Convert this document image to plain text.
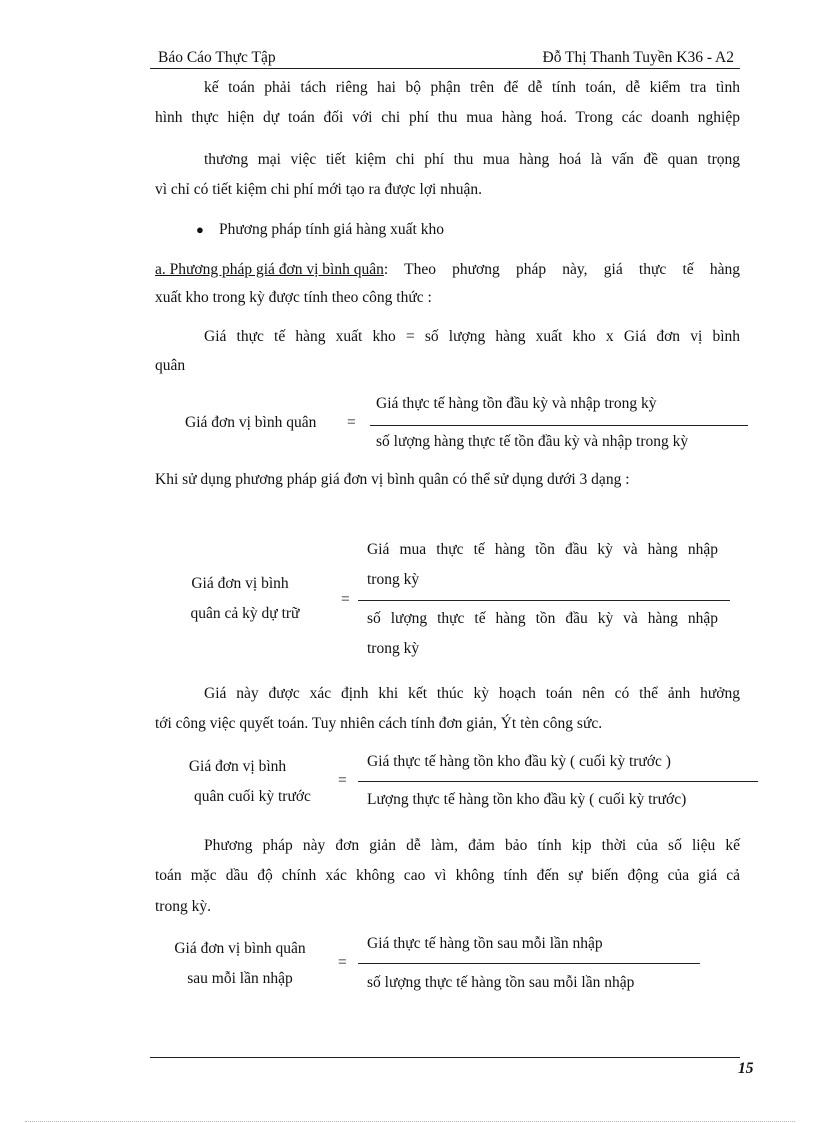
Báo Cáo Thực Tập	Đỗ Thị Thanh Tuyền K36 - A2
kế toán phải tách riêng hai bộ phận trên để dễ tính toán, dễ kiểm tra tình
hình thực hiện dự toán đối với chi phí thu mua hàng hoá. Trong các doanh nghiệp
thương mại việc tiết kiệm chi phí thu mua hàng hoá là vấn đề quan trọng
vì chỉ có tiết kiệm chi phí mới tạo ra được lợi nhuận.
● Phương pháp tính giá hàng xuất kho
a. Phương pháp giá đơn vị bình quân : Theo phương pháp này, giá thực tế hàng
xuất kho trong kỳ được tính theo công thức :
Giá thực tế hàng xuất kho = số lượng hàng xuất kho x Giá đơn vị bình
quân
Giá đơn vị bình quân =
Giá thực tế hàng tồn đầu kỳ và nhập trong kỳ
số lượng hàng thực tế tồn đầu kỳ và nhập trong kỳ
Khi sử dụng phương pháp giá đơn vị bình quân có thể sử dụng dưới 3 dạng :
Giá đơn vị bình
quân cả kỳ dự trữ
=
Giá mua thực tế hàng tồn đầu kỳ và hàng nhập
trong kỳ
số lượng thực tế hàng tồn đầu kỳ và hàng nhập
trong kỳ
Giá này được xác định khi kết thúc kỳ hoạch toán nên có thể ảnh hưởng
tới công việc quyết toán. Tuy nhiên cách tính đơn giản, Ýt tèn công sức.
Giá đơn vị bình
quân cuối kỳ trước
=
Giá thực tế hàng tồn kho đầu kỳ ( cuối kỳ trước )
Lượng thực tế hàng tồn kho đầu kỳ ( cuối kỳ trước)
Phương pháp này đơn giản dễ làm, đảm bảo tính kịp thời của số liệu kế
toán mặc dầu độ chính xác không cao vì không tính đến sự biến động của giá cả
trong kỳ.
Giá đơn vị bình quân
sau mỗi lần nhập
=
Giá thực tế hàng tồn sau mỗi lần nhập
số lượng thực tế hàng tồn sau mỗi lần nhập
15
